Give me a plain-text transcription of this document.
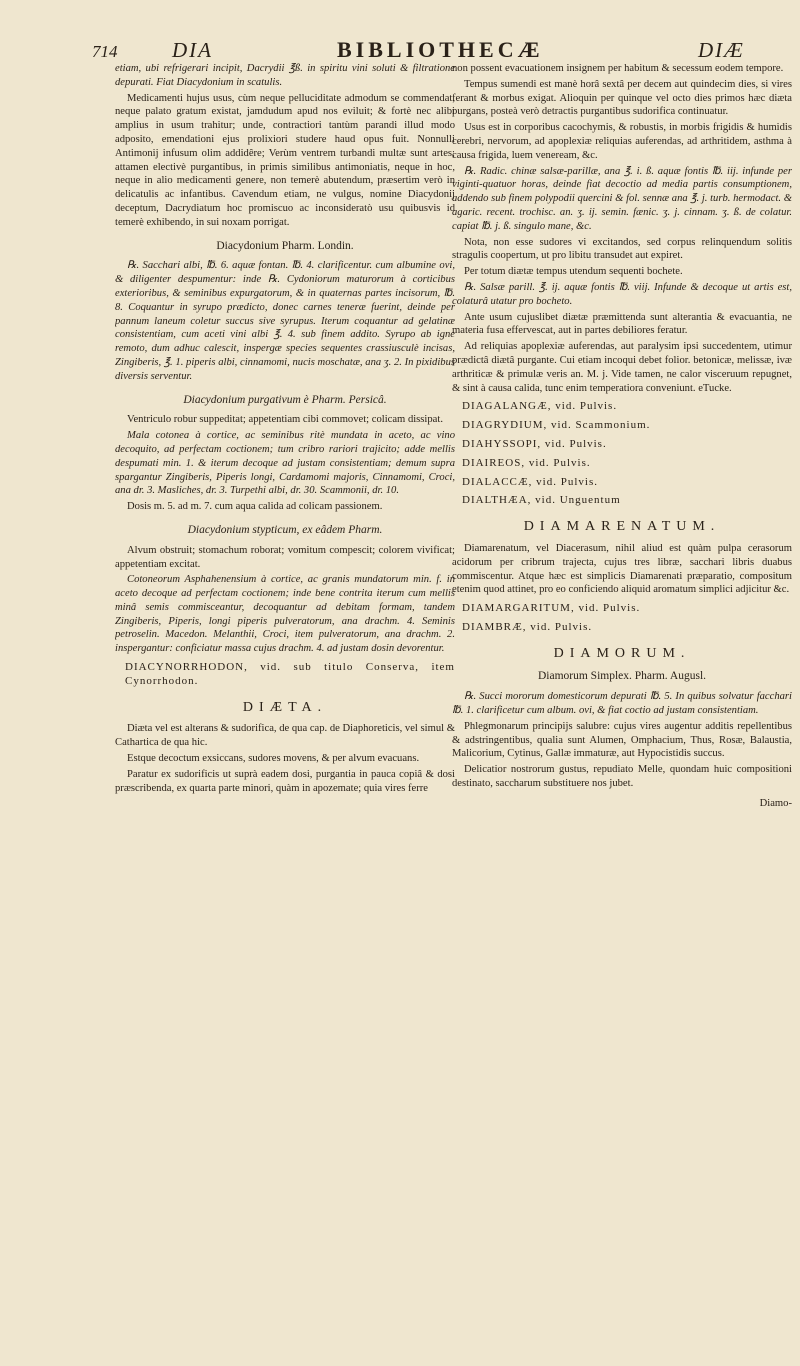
714	DIA	BIBLIOTHECÆ	DIÆ

etiam, ubi refrigerari incipit, Dacrydii ℥ß. in spiritu vini soluti & filtratione depurati. Fiat Diacydonium in scatulis.

Medicamenti hujus usus, cùm neque pelluciditate admodum se commendat, neque palato gratum existat, jamdudum apud nos eviluit; & fortè nec alibi amplius in usum trahitur; unde, contractiori tantùm parandi illud modo adposito, emendationi ejus prolixiori studere haud opus fuit. Nonnulli Antimonij infusum olim addidêre; Verùm ventrem turbandi multæ sunt artes; attamen electivè purgantibus, in primis similibus antimoniatis, neque in hoc, neque in alio medicamenti genere, non temerè abutendum, præsertim verò in delicatulis ac infantibus. Cavendum etiam, ne vulgus, nomine Diacydonij deceptum, Dacrydiatum hoc promiscuo ac inconsideratò usu quibusvis id temerè exhibendo, in sui noxam porrigat.

Diacydonium Pharm. Londin.

℞. Sacchari albi, ℔. 6. aquæ fontan. ℔. 4. clarificentur. cum albumine ovi, & diligenter despumentur: inde ℞. Cydoniorum maturorum à corticibus exterioribus, & seminibus expurgatorum, & in quaternas partes incisorum, ℔. 8. Coquantur in syrupo prædicto, donec carnes teneræ fuerint, deinde per pannum laneum coletur succus sive syrupus. Iterum coquantur ad gelatinæ consistentiam, cum aceti vini albi ℥. 4. sub finem addito. Syrupo ab igne remoto, dum adhuc calescit, inspergæ species sequentes crassiusculè incisas, Zingiberis, ℥. 1. piperis albi, cinnamomi, nucis moschatæ, ana ʒ. 2. In pixidibus diversis serventur.

Diacydonium purgativum è Pharm. Persicâ.

Ventriculo robur suppeditat; appetentiam cibi commovet; colicam dissipat.

Mala cotonea à cortice, ac seminibus ritè mundata in aceto, ac vino decoquito, ad perfectam coctionem; tum cribro rariori trajicito; adde mellis despumati min. 1. & iterum decoque ad justam consistentiam; demum supra spargantur Zingiberis, Piperis longi, Cardamomi majoris, Cinnamomi, Croci, ana dr. 3. Masliches, dr. 3. Turpethi albi, dr. 30. Scammonii, dr. 10.

Dosis m. 5. ad m. 7. cum aqua calida ad colicam passionem.

Diacydonium stypticum, ex eâdem Pharm.

Alvum obstruit; stomachum roborat; vomitum compescit; colorem vivificat; appetentiam excitat.

Cotoneorum Asphahenensium à cortice, ac granis mundatorum min. f. in aceto decoque ad perfectam coctionem; inde bene contrita iterum cum mellis minâ semis commisceantur, decoquantur ad debitam formam, tandem Zingiberis, Piperis, longi piperis pulveratorum, ana drachm. 4. Seminis petroselin. Macedon. Melanthii, Croci, item pulveratorum, ana drachm. 2. inspergantur: conficiatur massa cujus drachm. 4. ad justam dosin devorentur.

DIACYNORRHODON, vid. sub titulo Conserva, item Cynorrhodon.

DIÆTA.

Diæta vel est alterans & sudorifica, de qua cap. de Diaphoreticis, vel simul & Cathartica de qua hic.

Estque decoctum exsiccans, sudores movens, & per alvum evacuans.

Paratur ex sudorificis ut suprà eadem dosi, purgantia in pauca copiâ & dosi præscribenda, ex quarta parte minori, quàm in apozemate; quia vires ferre

non possent evacuationem insignem per habitum & secessum eodem tempore.

Tempus sumendi est manè horâ sextâ per decem aut quindecim dies, si vires ferant & morbus exigat. Alioquin per quinque vel octo dies primos hæc diæta purgans, posteà verò detractis purgantibus sudorifica continuatur.

Usus est in corporibus cacochymis, & robustis, in morbis frigidis & humidis cerebri, nervorum, ad apoplexiæ reliquias auferendas, ad arthritidem, asthma à causa frigida, luem veneream, &c.

℞. Radic. chinæ salsæ-parillæ, ana ℥. i. ß. aquæ fontis ℔. iij. infunde per viginti-quatuor horas, deinde fiat decoctio ad media partis consumptionem, addendo sub finem polypodii quercini & fol. sennæ ana ℥. j. turb. hermodact. & agaric. recent. trochisc. an. ʒ. ij. semin. fænic. ʒ. j. cinnam. ʒ. ß. de colatur. capiat ℔. j. ß. singulo mane, &c.

Nota, non esse sudores vi excitandos, sed corpus relinquendum solitis stragulis coopertum, ut pro libitu transudet aut expiret.

Per totum diætæ tempus utendum sequenti bochete.

℞. Salsæ parill. ℥. ij. aquæ fontis ℔. viij. Infunde & decoque ut artis est, colaturâ utatur pro bocheto.

Ante usum cujuslibet diætæ præmittenda sunt alterantia & evacuantia, ne materia fusa effervescat, aut in partes debiliores feratur.

Ad reliquias apoplexiæ auferendas, aut paralysim ipsi succedentem, utimur prædictâ diætâ purgante. Cui etiam incoqui debet folior. betonicæ, melissæ, ivæ arthriticæ & primulæ veris an. M. j. Vide tamen, ne calor visceruum repugnet, & sint à causa calida, tunc enim temperatiora conveniunt. eTucke.

DIAGALANGÆ, vid. Pulvis.

DIAGRYDIUM, vid. Scammonium.

DIAHYSSOPI, vid. Pulvis.

DIAIREOS, vid. Pulvis.

DIALACCÆ, vid. Pulvis.

DIALTHÆA, vid. Unguentum

DIAMARENATUM.

Diamarenatum, vel Diacerasum, nihil aliud est quàm pulpa cerasorum acidorum per cribrum trajecta, cujus tres libræ, sacchari libris duabus commiscentur. Atque hæc est simplicis Diamarenati præparatio, compositum etenim quod attinet, pro eo conficiendo aliquid aromatum simplici adjicitur &c.

DIAMARGARITUM, vid. Pulvis.

DIAMBRÆ, vid. Pulvis.

DIAMORUM.
Diamorum Simplex. Pharm. Augusl.

℞. Succi mororum domesticorum depurati ℔. 5. In quibus solvatur facchari ℔. 1. clarificetur cum album. ovi, & fiat coctio ad justam consistentiam.

Phlegmonarum principijs salubre: cujus vires augentur additis repellentibus & adstringentibus, qualia sunt Alumen, Omphacium, Thus, Rosæ, Balaustia, Malicorium, Cytinus, Gallæ immaturæ, aut Hypocistidis succus.

Delicatior nostrorum gustus, repudiato Melle, quondam huic compositioni destinato, saccharum substituere nos jubet.

Diamo-
